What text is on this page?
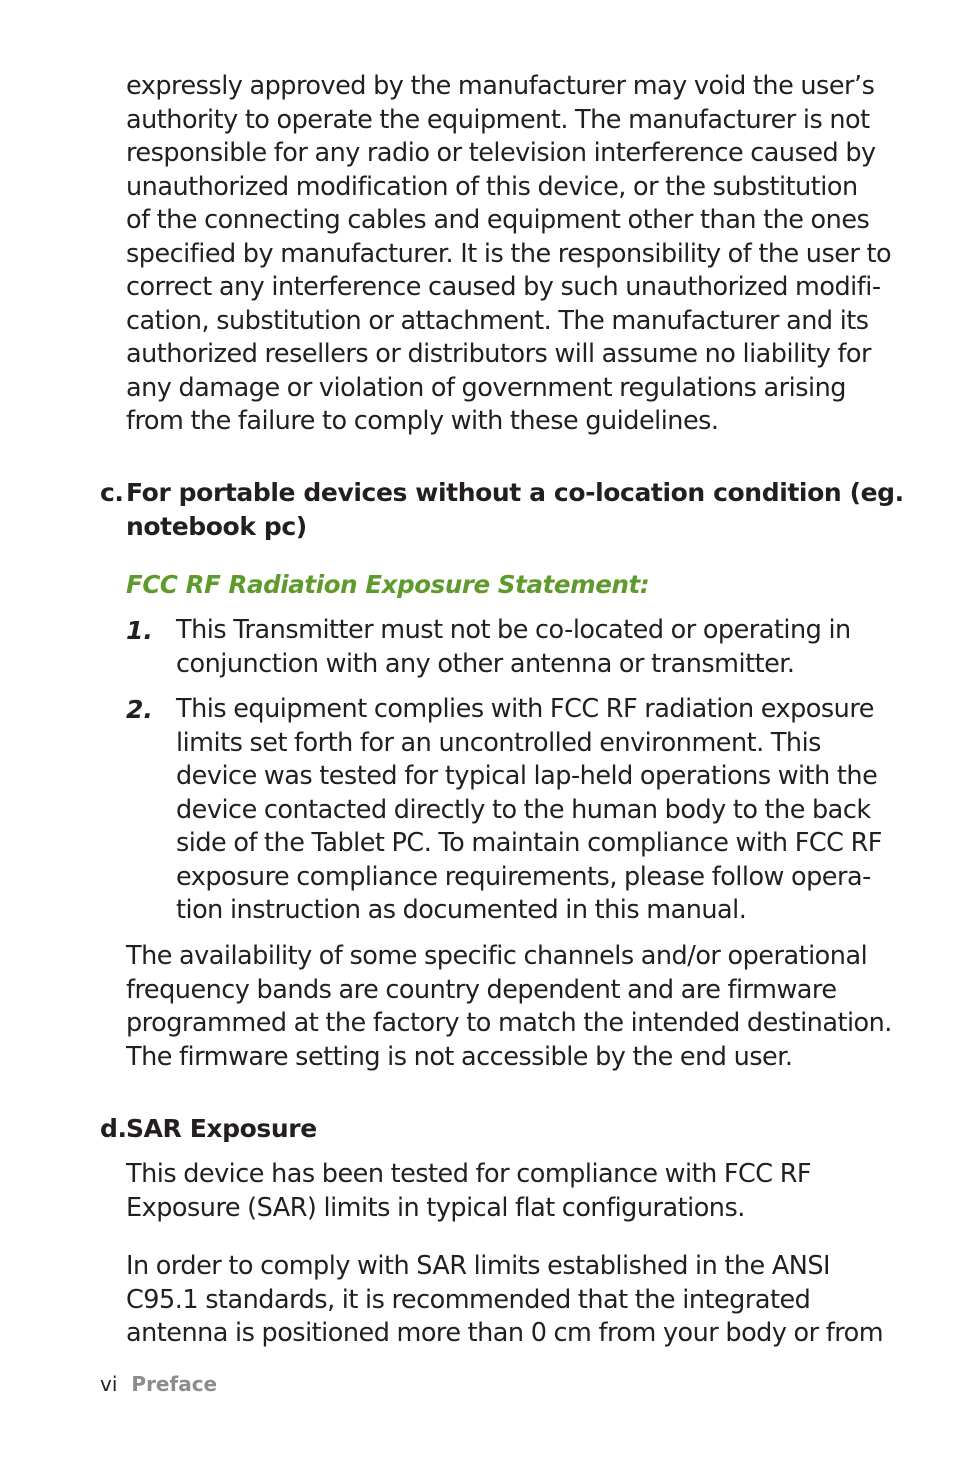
expressly approved by the manufacturer may void the user’s
authority to operate the equipment. The manufacturer is not
responsible for any radio or television interference caused by
unauthorized modification of this device, or the substitution
of the connecting cables and equipment other than the ones
specified by manufacturer. It is the responsibility of the user to
correct any interference caused by such unauthorized modifi-
cation, substitution or attachment. The manufacturer and its
authorized resellers or distributors will assume no liability for
any damage or violation of government regulations arising
from the failure to comply with these guidelines.
c.For portable devices without a co-location condition (eg.
notebook pc)
FCC RF Radiation Exposure Statement:
1. This Transmitter must not be co-located or operating in
conjunction with any other antenna or transmitter.
2. This equipment complies with FCC RF radiation exposure
limits set forth for an uncontrolled environment. This
device was tested for typical lap-held operations with the
device contacted directly to the human body to the back
side of the Tablet PC. To maintain compliance with FCC RF
exposure compliance requirements, please follow opera-
tion instruction as documented in this manual.
The availability of some specific channels and/or operational
frequency bands are country dependent and are firmware
programmed at the factory to match the intended destination.
The firmware setting is not accessible by the end user.
d.SAR Exposure
This device has been tested for compliance with FCC RF
Exposure (SAR) limits in typical flat configurations.
In order to comply with SAR limits established in the ANSI
C95.1 standards, it is recommended that the integrated
antenna is positioned more than 0 cm from your body or from
vi Preface
